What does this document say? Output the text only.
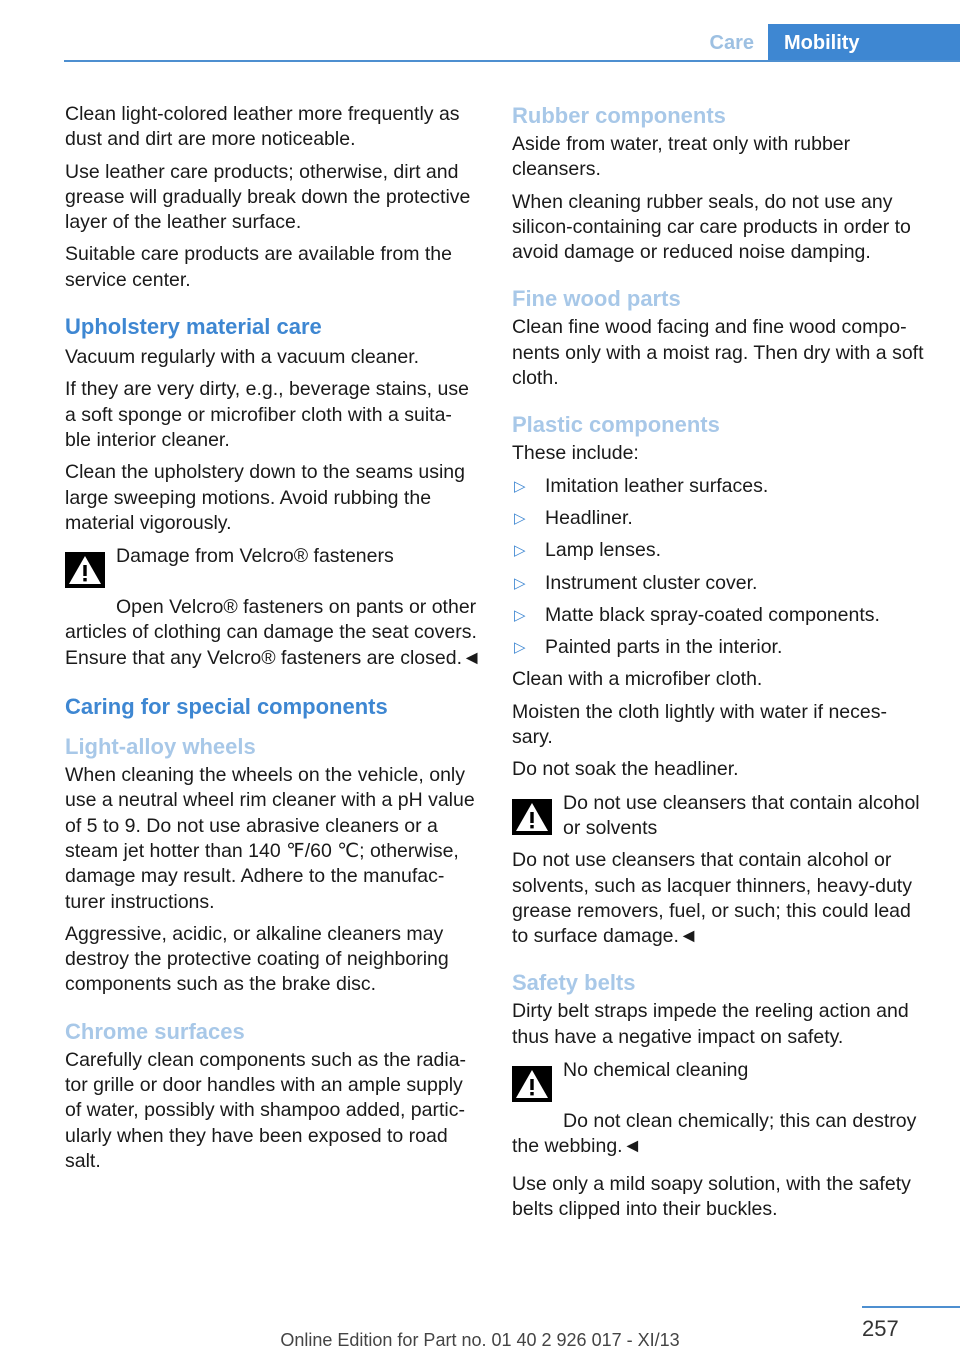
Care	Mobility

Clean light-colored leather more frequently as dust and dirt are more noticeable.

Use leather care products; otherwise, dirt and grease will gradually break down the protective layer of the leather surface.

Suitable care products are available from the service center.

Upholstery material care

Vacuum regularly with a vacuum cleaner.

If they are very dirty, e.g., beverage stains, use a soft sponge or microfiber cloth with a suita‐ ble interior cleaner.

Clean the upholstery down to the seams using large sweeping motions. Avoid rubbing the material vigorously.

Damage from Velcro® fasteners
Open Velcro® fasteners on pants or other articles of clothing can damage the seat covers. Ensure that any Velcro® fasteners are closed.◄
Caring for special components
Light-alloy wheels

When cleaning the wheels on the vehicle, only use a neutral wheel rim cleaner with a pH value of 5 to 9. Do not use abrasive cleaners or a steam jet hotter than 140 ℉/60 ℃; otherwise, damage may result. Adhere to the manufac‐ turer instructions.

Aggressive, acidic, or alkaline cleaners may destroy the protective coating of neighboring components such as the brake disc.

Chrome surfaces

Carefully clean components such as the radia‐ tor grille or door handles with an ample supply of water, possibly with shampoo added, partic‐ ularly when they have been exposed to road salt.

Rubber components

Aside from water, treat only with rubber cleansers.

When cleaning rubber seals, do not use any silicon-containing car care products in order to avoid damage or reduced noise damping.

Fine wood parts

Clean fine wood facing and fine wood compo‐ nents only with a moist rag. Then dry with a soft cloth.

Plastic components

These include:

▷ Imitation leather surfaces.
▷ Headliner.
▷ Lamp lenses.
▷ Instrument cluster cover.
▷ Matte black spray-coated components.
▷ Painted parts in the interior.

Clean with a microfiber cloth.

Moisten the cloth lightly with water if neces‐ sary.

Do not soak the headliner.

Do not use cleansers that contain alcohol or solvents
Do not use cleansers that contain alcohol or solvents, such as lacquer thinners, heavy-duty grease removers, fuel, or such; this could lead to surface damage.◄
Safety belts

Dirty belt straps impede the reeling action and thus have a negative impact on safety.

No chemical cleaning
Do not clean chemically; this can destroy the webbing.◄

Use only a mild soapy solution, with the safety belts clipped into their buckles.

257
Online Edition for Part no. 01 40 2 926 017 - XI/13
